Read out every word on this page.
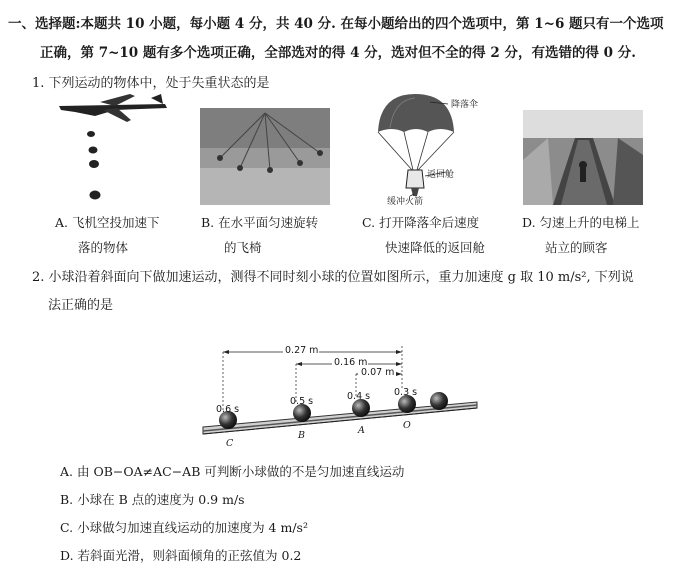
一、选择题:本题共 10 小题，每小题 4 分，共 40 分. 在每小题给出的四个选项中，第 1~6 题只有一个选项
正确，第 7~10 题有多个选项正确，全部选对的得 4 分，选对但不全的得 2 分，有选错的得 0 分.
1. 下列运动的物体中，处于失重状态的是
降落伞
返回舱
缓冲火箭
A. 飞机空投加速下
落的物体
B. 在水平面匀速旋转
的飞椅
C. 打开降落伞后速度
快速降低的返回舱
D. 匀速上升的电梯上
站立的顾客
2. 小球沿着斜面向下做加速运动，测得不同时刻小球的位置如图所示，重力加速度 g 取 10 m/s², 下列说
法正确的是
0.27 m
0.16 m
0.07 m
0.6 s
0.5 s	0.4 s	0.3 s
C
B	A	O
A. 由 OB−OA≠AC−AB 可判断小球做的不是匀加速直线运动
B. 小球在 B 点的速度为 0.9 m/s
C. 小球做匀加速直线运动的加速度为 4 m/s²
D. 若斜面光滑，则斜面倾角的正弦值为 0.2
